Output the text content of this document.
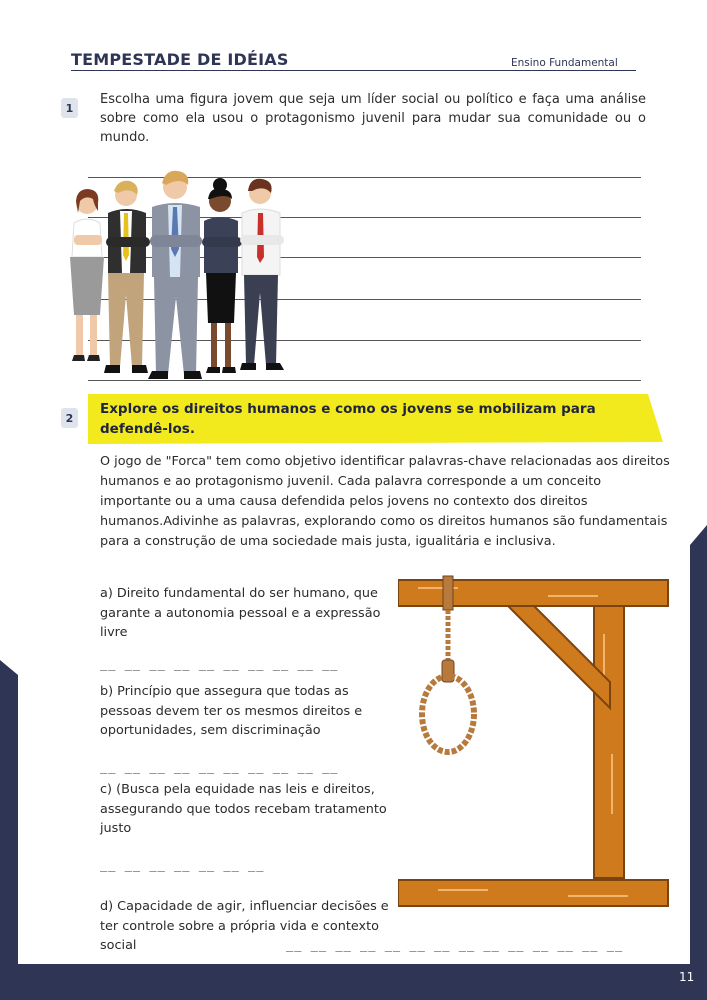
TEMPESTADE DE IDÉIAS	Ensino Fundamental
1
Escolha uma figura jovem que seja um líder social ou político e faça uma análise sobre como ela usou o protagonismo juvenil para mudar sua comunidade ou o mundo.
2
Explore os direitos humanos e como os jovens se mobilizam para defendê-los.
O jogo de "Forca" tem como objetivo identificar palavras-chave relacionadas aos direitos humanos e ao protagonismo juvenil. Cada palavra corresponde a um conceito importante ou a uma causa defendida pelos jovens no contexto dos direitos humanos.Adivinhe as palavras, explorando como os direitos humanos são fundamentais para a construção de uma sociedade mais justa, igualitária e inclusiva.
a) Direito fundamental do ser humano, que garante a autonomia pessoal e a expressão livre
__ __ __ __ __ __ __ __ __ __
b) Princípio que assegura que todas as pessoas devem ter os mesmos direitos e oportunidades, sem discriminação
__ __ __ __ __ __ __ __ __ __
c) (Busca pela equidade nas leis e direitos, assegurando que todos recebam tratamento justo
__ __ __ __ __ __ __
d) Capacidade de agir, influenciar decisões e ter controle sobre a própria vida e contexto social	__ __ __ __ __ __ __ __ __ __ __ __ __ __
11
